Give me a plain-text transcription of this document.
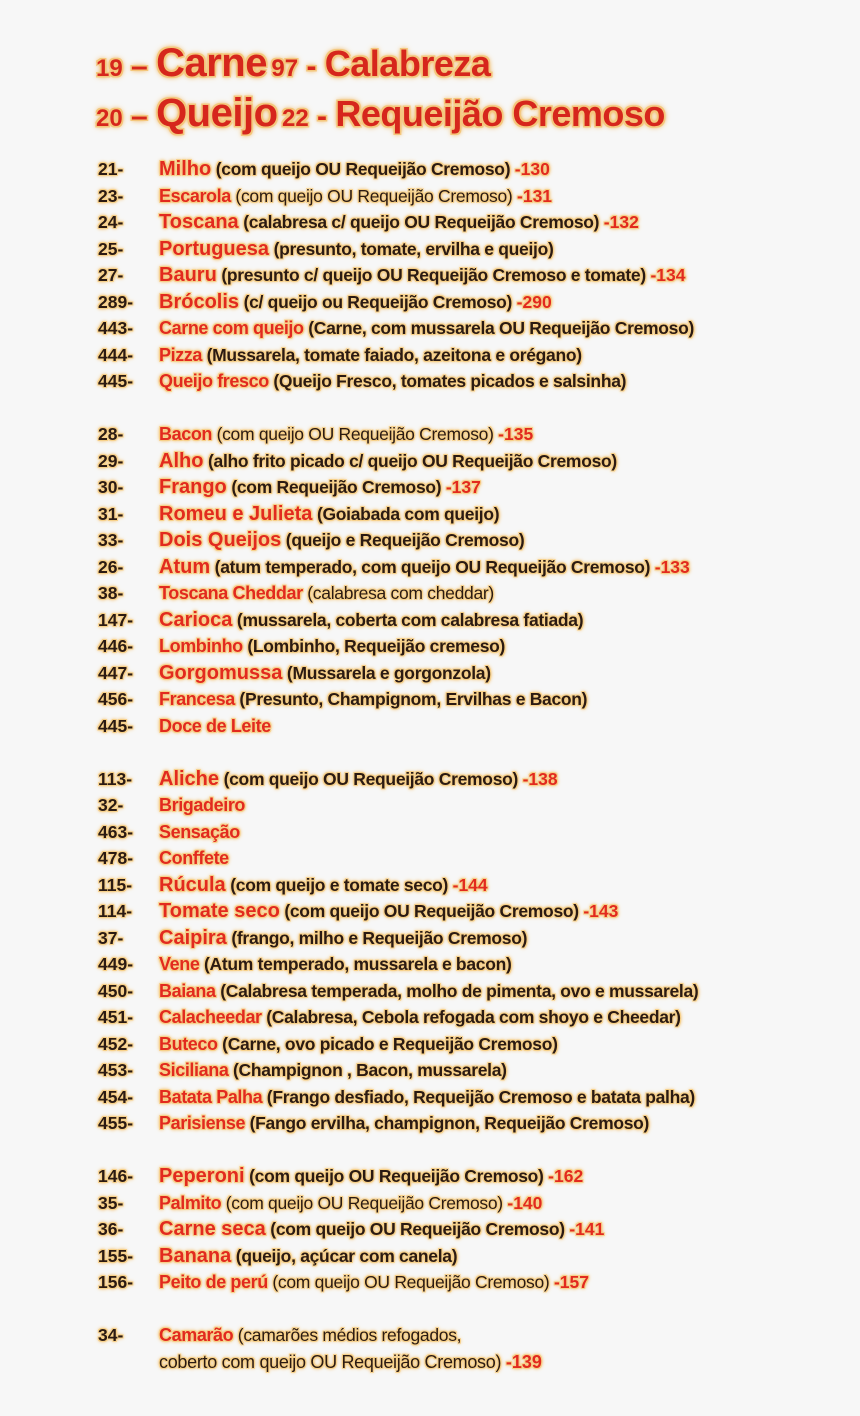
19 – Carne 97 - Calabreza
20 – Queijo 22 - Requeijão Cremoso
21-	Milho (com queijo OU Requeijão Cremoso) -130
23-	Escarola (com queijo OU Requeijão Cremoso) -131
24-	Toscana (calabresa c/ queijo OU Requeijão Cremoso) -132
25-	Portuguesa (presunto, tomate, ervilha e queijo)
27-	Bauru (presunto c/ queijo OU Requeijão Cremoso e tomate) -134
289-	Brócolis (c/ queijo ou Requeijão Cremoso) -290
443-	Carne com queijo (Carne, com mussarela OU Requeijão Cremoso)
444-	Pizza (Mussarela, tomate faiado, azeitona e orégano)
445-	Queijo fresco (Queijo Fresco, tomates picados e salsinha)
28-	Bacon (com queijo OU Requeijão Cremoso) -135
29-	Alho (alho frito picado c/ queijo OU Requeijão Cremoso)
30-	Frango (com Requeijão Cremoso) -137
31-	Romeu e Julieta (Goiabada com queijo)
33-	Dois Queijos (queijo e Requeijão Cremoso)
26-	Atum (atum temperado, com queijo OU Requeijão Cremoso) -133
38-	Toscana Cheddar (calabresa com cheddar)
147-	Carioca (mussarela, coberta com calabresa fatiada)
446-	Lombinho (Lombinho, Requeijão cremeso)
447-	Gorgomussa (Mussarela e gorgonzola)
456-	Francesa (Presunto, Champignom, Ervilhas e Bacon)
445-	Doce de Leite
113-	Aliche (com queijo OU Requeijão Cremoso) -138
32-	Brigadeiro
463-	Sensação
478-	Conffete
115-	Rúcula (com queijo e tomate seco) -144
114-	Tomate seco (com queijo OU Requeijão Cremoso) -143
37-	Caipira (frango, milho e Requeijão Cremoso)
449-	Vene (Atum temperado, mussarela e bacon)
450-	Baiana (Calabresa temperada, molho de pimenta, ovo e mussarela)
451-	Calacheedar (Calabresa, Cebola refogada com shoyo e Cheedar)
452-	Buteco (Carne, ovo picado e Requeijão Cremoso)
453-	Siciliana (Champignon , Bacon, mussarela)
454-	Batata Palha (Frango desfiado, Requeijão Cremoso e batata palha)
455-	Parisiense (Fango ervilha, champignon, Requeijão Cremoso)
146-	Peperoni (com queijo OU Requeijão Cremoso) -162
35-	Palmito (com queijo OU Requeijão Cremoso) -140
36-	Carne seca (com queijo OU Requeijão Cremoso) -141
155-	Banana (queijo, açúcar com canela)
156-	Peito de perú (com queijo OU Requeijão Cremoso) -157
34-	Camarão (camarões médios refogados,
coberto com queijo OU Requeijão Cremoso) -139
